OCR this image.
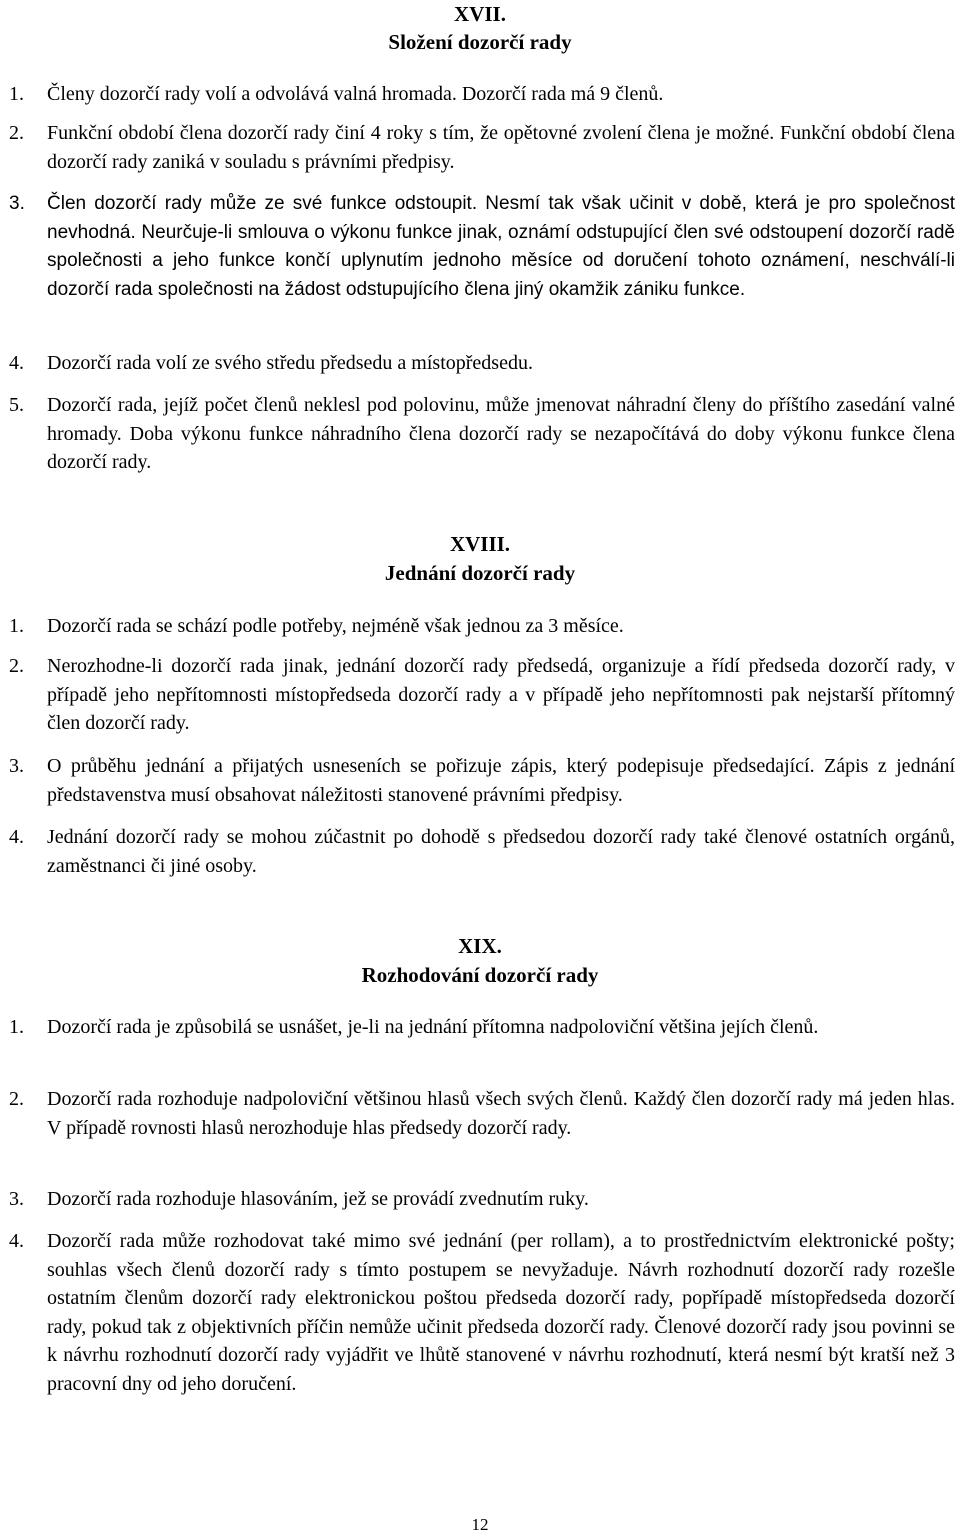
XVII.
Složení dozorčí rady
1. Členy dozorčí rady volí a odvolává valná hromada. Dozorčí rada má 9 členů.
2. Funkční období člena dozorčí rady činí 4 roky s tím, že opětovné zvolení člena je možné. Funkční období člena dozorčí rady zaniká v souladu s právními předpisy.
3. Člen dozorčí rady může ze své funkce odstoupit. Nesmí tak však učinit v době, která je pro společnost nevhodná. Neurčuje-li smlouva o výkonu funkce jinak, oznámí odstupující člen své odstoupení dozorčí radě společnosti a jeho funkce končí uplynutím jednoho měsíce od doručení tohoto oznámení, neschválí-li dozorčí rada společnosti na žádost odstupujícího člena jiný okamžik zániku funkce.
4. Dozorčí rada volí ze svého středu předsedu a místopředsedu.
5. Dozorčí rada, jejíž počet členů neklesl pod polovinu, může jmenovat náhradní členy do příštího zasedání valné hromady. Doba výkonu funkce náhradního člena dozorčí rady se nezapočítává do doby výkonu funkce člena dozorčí rady.
XVIII.
Jednání dozorčí rady
1. Dozorčí rada se schází podle potřeby, nejméně však jednou za 3 měsíce.
2. Nerozhodne-li dozorčí rada jinak, jednání dozorčí rady předsedá, organizuje a řídí předseda dozorčí rady, v případě jeho nepřítomnosti místopředseda dozorčí rady a v případě jeho nepřítomnosti pak nejstarší přítomný člen dozorčí rady.
3. O průběhu jednání a přijatých usneseních se pořizuje zápis, který podepisuje předsedající. Zápis z jednání představenstva musí obsahovat náležitosti stanovené právními předpisy.
4. Jednání dozorčí rady se mohou zúčastnit po dohodě s předsedou dozorčí rady také členové ostatních orgánů, zaměstnanci či jiné osoby.
XIX.
Rozhodování dozorčí rady
1. Dozorčí rada je způsobilá se usnášet, je-li na jednání přítomna nadpoloviční většina jejích členů.
2. Dozorčí rada rozhoduje nadpoloviční většinou hlasů všech svých členů. Každý člen dozorčí rady má jeden hlas. V případě rovnosti hlasů nerozhoduje hlas předsedy dozorčí rady.
3. Dozorčí rada rozhoduje hlasováním, jež se provádí zvednutím ruky.
4. Dozorčí rada může rozhodovat také mimo své jednání (per rollam), a to prostřednictvím elektronické pošty; souhlas všech členů dozorčí rady s tímto postupem se nevyžaduje. Návrh rozhodnutí dozorčí rady rozešle ostatním členům dozorčí rady elektronickou poštou předseda dozorčí rady, popřípadě místopředseda dozorčí rady, pokud tak z objektivních příčin nemůže učinit předseda dozorčí rady. Členové dozorčí rady jsou povinni se k návrhu rozhodnutí dozorčí rady vyjádřit ve lhůtě stanovené v návrhu rozhodnutí, která nesmí být kratší než 3 pracovní dny od jeho doručení.
12
